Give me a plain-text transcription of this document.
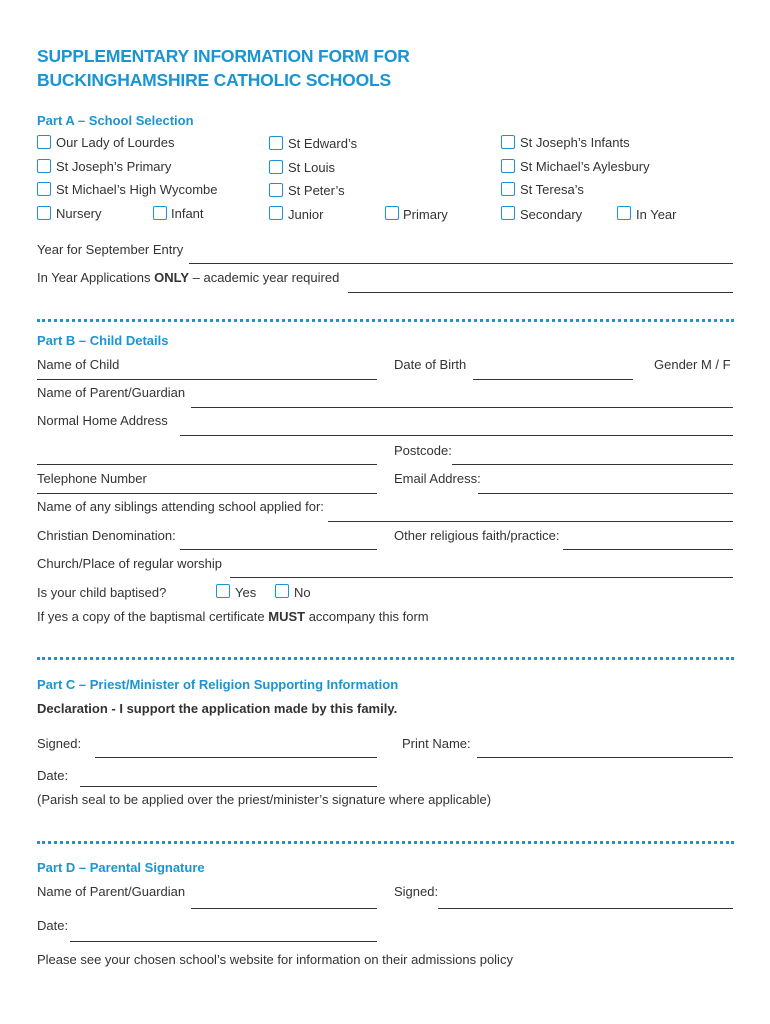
SUPPLEMENTARY INFORMATION FORM FOR
BUCKINGHAMSHIRE CATHOLIC SCHOOLS
Part A – School Selection
Our Lady of Lourdes	St Edward’s	St Joseph’s Infants
St Joseph’s Primary	St Louis	St Michael’s Aylesbury
St Michael’s High Wycombe	St Peter’s	St Teresa’s
Nursery	Infant	Junior	Primary	Secondary	In Year
Year for September Entry
In Year Applications ONLY – academic year required
Part B – Child Details
Name of Child	Date of Birth	Gender M / F
Name of Parent/Guardian
Normal Home Address
Postcode:
Telephone Number	Email Address:
Name of any siblings attending school applied for:
Christian Denomination:	Other religious faith/practice:
Church/Place of regular worship
Is your child baptised?	Yes	No
If yes a copy of the baptismal certificate MUST accompany this form
Part C – Priest/Minister of Religion Supporting Information
Declaration - I support the application made by this family.
Signed:	Print Name:
Date:
(Parish seal to be applied over the priest/minister’s signature where applicable)
Part D – Parental Signature
Name of Parent/Guardian	Signed:
Date:
Please see your chosen school’s website for information on their admissions policy
